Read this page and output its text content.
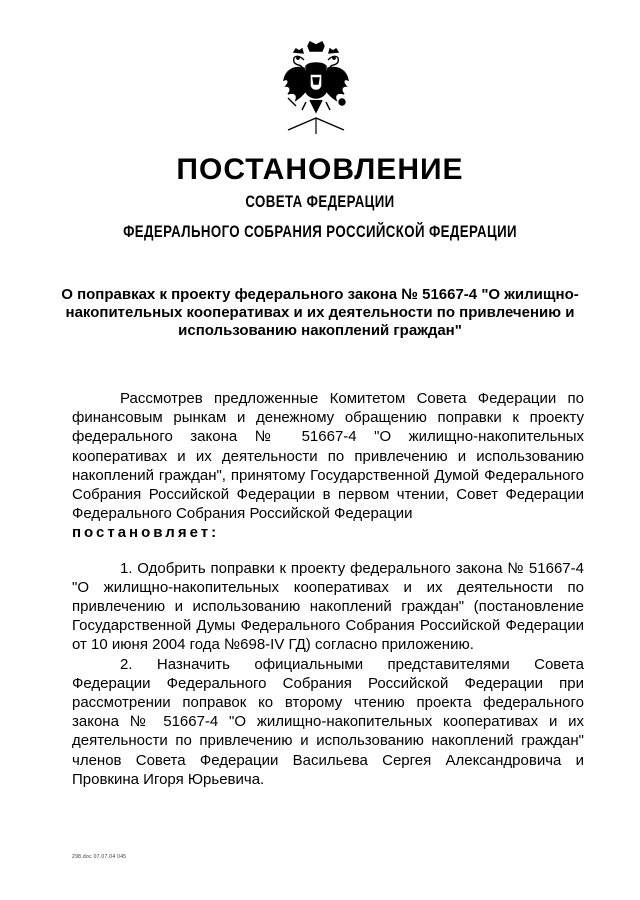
ПОСТАНОВЛЕНИЕ
СОВЕТА ФЕДЕРАЦИИ
ФЕДЕРАЛЬНОГО СОБРАНИЯ РОССИЙСКОЙ ФЕДЕРАЦИИ
О поправках к проекту федерального закона № 51667-4 "О жилищно-накопительных кооперативах и их деятельности по привлечению и использованию накоплений граждан"

Рассмотрев предложенные Комитетом Совета Федерации по финансовым рынкам и денежному обращению поправки к проекту федерального закона № 51667-4 "О жилищно-накопительных кооперативах и их деятельности по привлечению и использованию накоплений граждан", принятому Государственной Думой Федерального Собрания Российской Федерации в первом чтении, Совет Федерации Федерального Собрания Российской Федерации

постановляет:

1. Одобрить поправки к проекту федерального закона № 51667-4 "О жилищно-накопительных кооперативах и их деятельности по привлечению и использованию накоплений граждан" (постановление Государственной Думы Федерального Собрания Российской Федерации от 10 июня 2004 года №698-IV ГД) согласно приложению.

2. Назначить официальными представителями Совета Федерации Федерального Собрания Российской Федерации при рассмотрении поправок ко второму чтению проекта федерального закона № 51667-4 "О жилищно-накопительных кооперативах и их деятельности по привлечению и использованию накоплений граждан" членов Совета Федерации Васильева Сергея Александровича и Провкина Игоря Юрьевича.

298.doc 07.07.04 045
